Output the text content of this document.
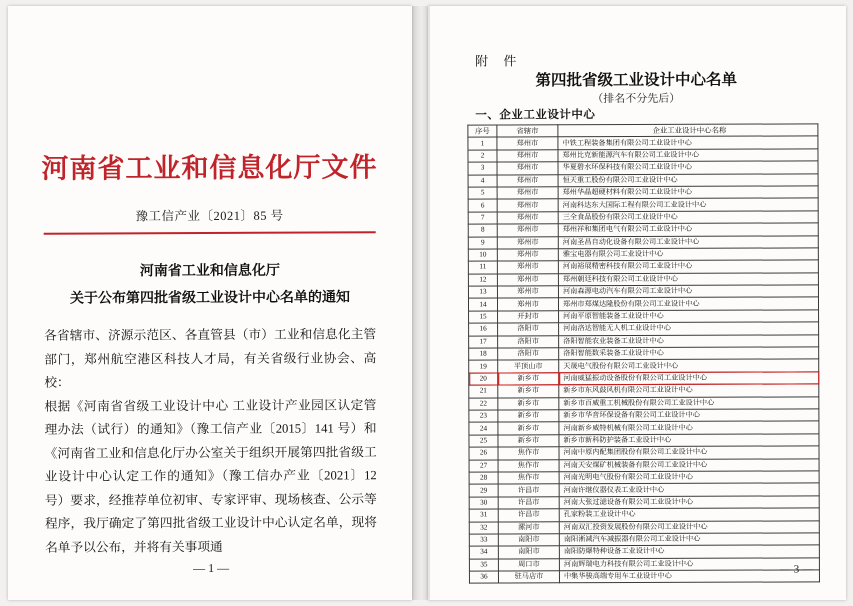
河南省工业和信息化厅文件
豫工信产业〔2021〕85 号
河南省工业和信息化厅
关于公布第四批省级工业设计中心名单的通知

各省辖市、济源示范区、各直管县（市）工业和信息化主管部门，郑州航空港区科技人才局，有关省级行业协会、高校：

根据《河南省省级工业设计中心 工业设计产业园区认定管理办法（试行）的通知》（豫工信产业〔2015〕141 号）和《河南省工业和信息化厅办公室关于组织开展第四批省级工业设计中心认定工作的通知》（豫工信办产业〔2021〕12 号）要求，经推荐单位初审、专家评审、现场核查、公示等程序，我厅确定了第四批省级工业设计中心认定名单，现将名单予以公布，并将有关事项通

— 1 —
附 件
第四批省级工业设计中心名单
（排名不分先后）
一、企业工业设计中心
序号	省辖市	企业工业设计中心名称
1	郑州市	中铁工程装备集团有限公司工业设计中心
2	郑州市	郑州比克新能源汽车有限公司工业设计中心
3	郑州市	华夏碧水环保科技有限公司工业设计中心
4	郑州市	恒天重工股份有限公司工业设计中心
5	郑州市	郑州华晶超硬材料有限公司工业设计中心
6	郑州市	河南科达东大国际工程有限公司工业设计中心
7	郑州市	三全食品股份有限公司工业设计中心
8	郑州市	郑州祥和集团电气有限公司工业设计中心
9	郑州市	河南圣昌自动化设备有限公司工业设计中心
10	郑州市	雅宝电器有限公司工业设计中心
11	郑州市	河南裕展精密科技有限公司工业设计中心
12	郑州市	郑州朝廷科技有限公司工业设计中心
13	郑州市	河南森源电动汽车有限公司工业设计中心
14	郑州市	郑州市郑煤达隆股份有限公司工业设计中心
15	开封市	河南平原智能装备工业设计中心
16	洛阳市	河南洛达智能无人机工业设计中心
17	洛阳市	洛阳智能农业装备工业设计中心
18	洛阳市	洛阳智能数采装备工业设计中心
19	平顶山市	天晟电气股份有限公司工业设计中心
20	新乡市	河南威猛振动设备股份有限公司工业设计中心
21	新乡市	新乡市东风鼓风机有限公司工业设计中心
22	新乡市	新乡市百威重工机械股份有限公司工业设计中心
23	新乡市	新乡市华音环保设备有限公司工业设计中心
24	新乡市	河南新乡威特机械有限公司工业设计中心
25	新乡市	新乡市新科防护装备工业设计中心
26	焦作市	河南中原内配集团股份有限公司工业设计中心
27	焦作市	河南天安煤矿机械装备有限公司工业设计中心
28	焦作市	河南光明电气股份有限公司工业设计中心
29	许昌市	河南许继仪器仪表工业设计中心
30	许昌市	河南大张过滤设备有限公司工业设计中心
31	许昌市	孔家粉装工业设计中心
32	漯河市	河南双汇投资发展股份有限公司工业设计中心
33	南阳市	南阳淅减汽车减振器有限公司工业设计中心
34	南阳市	南阳防爆特种设备工业设计中心
35	周口市	河南辉瑞电力科技有限公司工业设计中心
36	驻马店市	中集华骏高端专用车工业设计中心
— 3 —
